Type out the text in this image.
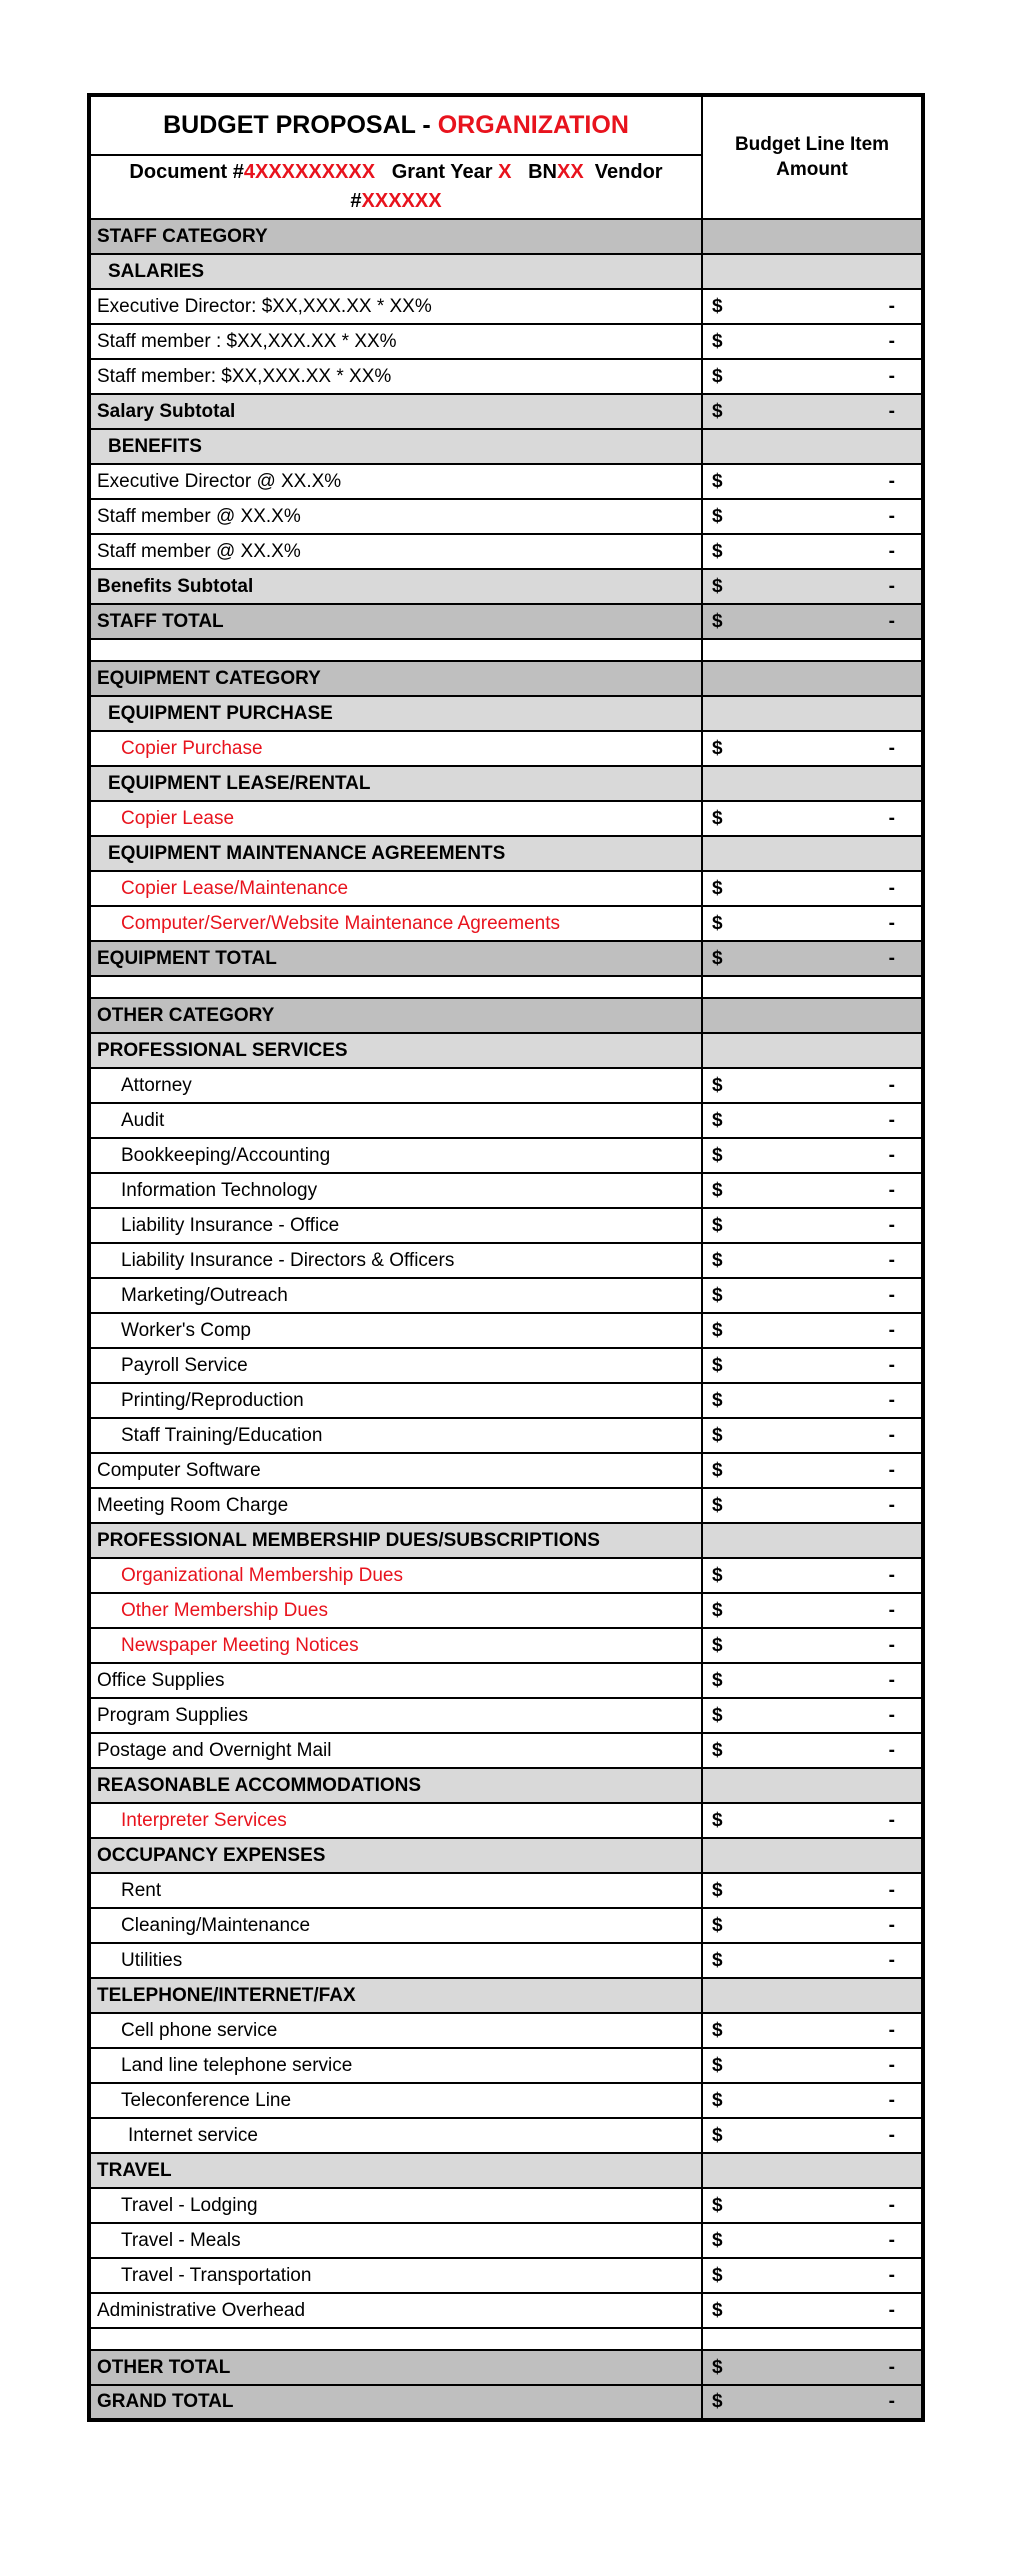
BUDGET PROPOSAL - ORGANIZATION	Budget Line Item Amount
Document #4XXXXXXXXX   Grant Year X   BNXX  Vendor
#XXXXXX	
STAFF CATEGORY	
SALARIES	
Executive Director: $XX,XXX.XX * XX%	$ -

Staff member : $XX,XXX.XX * XX%	$ -

Staff member: $XX,XXX.XX * XX%	$ -

Salary Subtotal	$ -

BENEFITS	
Executive Director @ XX.X%	$ -

Staff member @ XX.X%	$ -

Staff member @ XX.X%	$ -

Benefits Subtotal	$ -

STAFF TOTAL	$ -

EQUIPMENT CATEGORY	
EQUIPMENT PURCHASE	
Copier Purchase	$ -

EQUIPMENT LEASE/RENTAL	
Copier Lease	$ -

EQUIPMENT MAINTENANCE AGREEMENTS	
Copier Lease/Maintenance	$ -

Computer/Server/Website Maintenance Agreements	$ -

EQUIPMENT TOTAL	$ -

OTHER CATEGORY	
PROFESSIONAL SERVICES	
Attorney	$ -

Audit	$ -

Bookkeeping/Accounting	$ -

Information Technology	$ -

Liability Insurance - Office	$ -

Liability Insurance - Directors & Officers	$ -

Marketing/Outreach	$ -

Worker's Comp	$ -

Payroll Service	$ -

Printing/Reproduction	$ -

Staff Training/Education	$ -

Computer Software	$ -

Meeting Room Charge	$ -

PROFESSIONAL MEMBERSHIP DUES/SUBSCRIPTIONS	
Organizational Membership Dues	$ -

Other Membership Dues	$ -

Newspaper Meeting Notices	$ -

Office Supplies	$ -

Program Supplies	$ -

Postage and Overnight Mail	$ -

REASONABLE ACCOMMODATIONS	
Interpreter Services	$ -

OCCUPANCY EXPENSES	
Rent	$ -

Cleaning/Maintenance	$ -

Utilities	$ -

TELEPHONE/INTERNET/FAX	
Cell phone service	$ -

Land line telephone service	$ -

Teleconference Line	$ -

Internet service	$ -

TRAVEL	
Travel - Lodging	$ -

Travel - Meals	$ -

Travel - Transportation	$ -

Administrative Overhead	$ -

OTHER TOTAL	$ -

GRAND TOTAL	$ -
